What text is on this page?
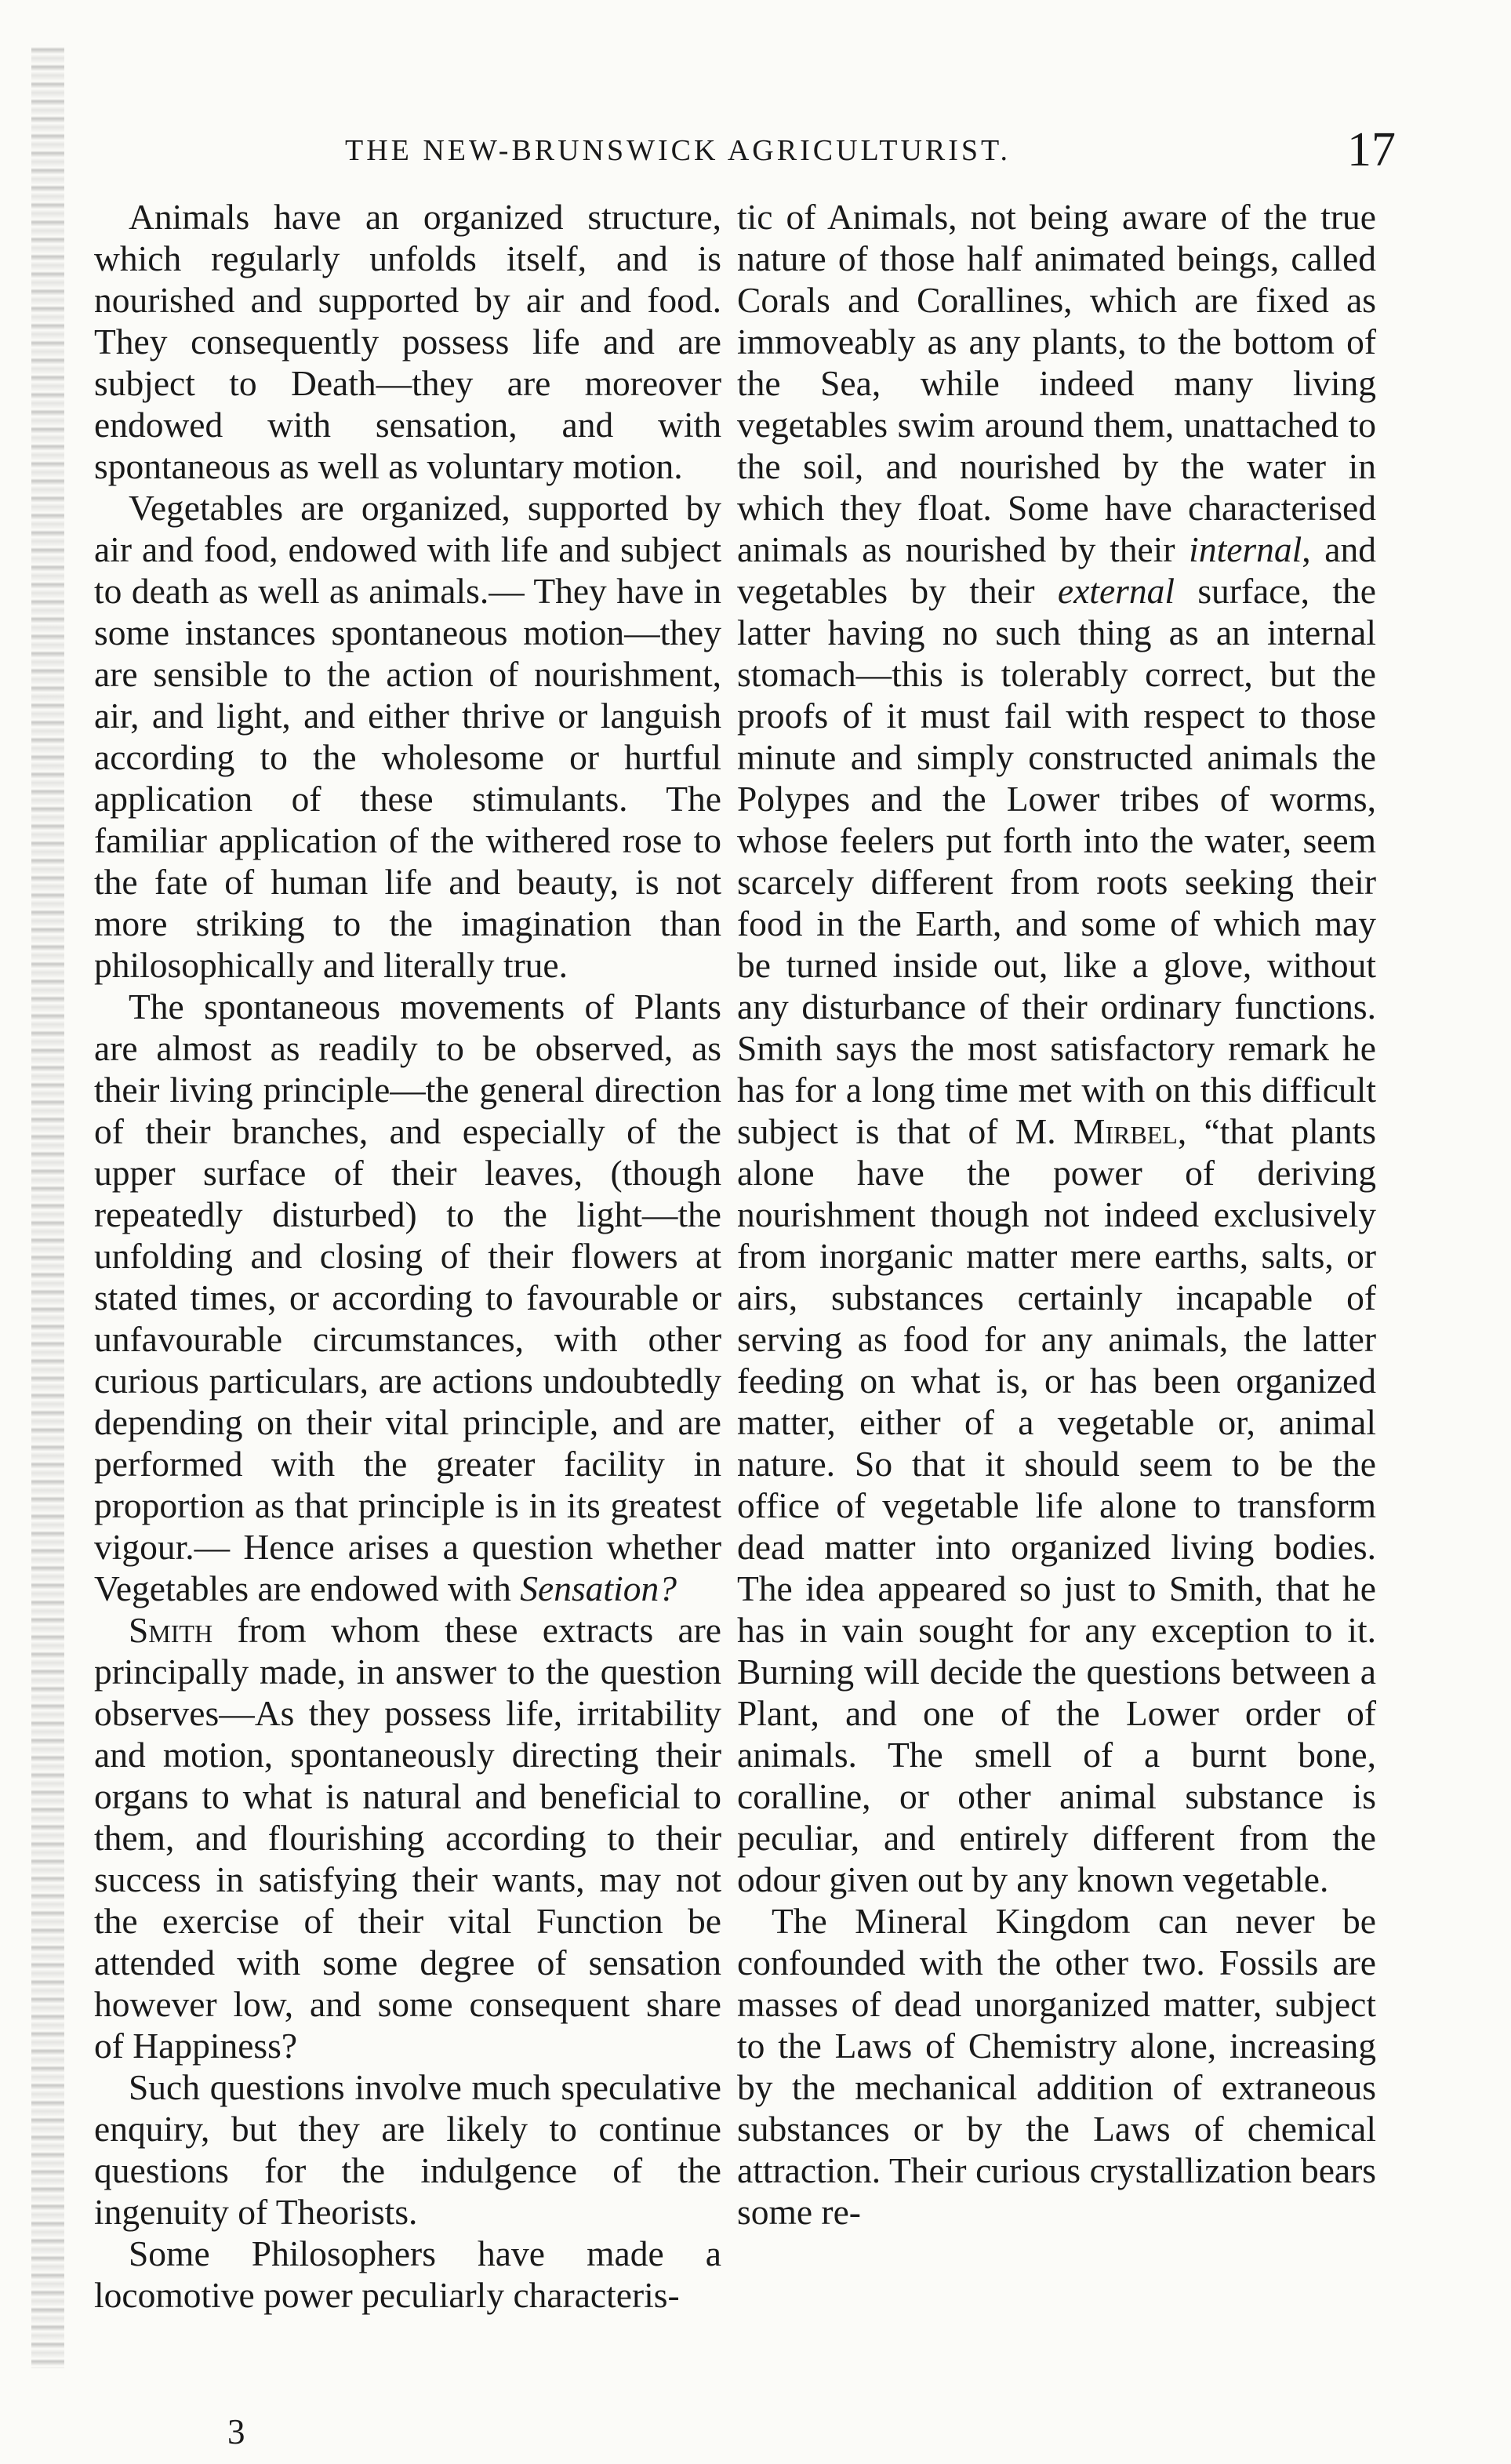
THE NEW-BRUNSWICK AGRICULTURIST.	17

Animals have an organized structure, which regularly unfolds itself, and is nourished and supported by air and food. They consequently possess life and are subject to Death—they are moreover endowed with sensation, and with spontaneous as well as voluntary motion.

Vegetables are organized, supported by air and food, endowed with life and subject to death as well as animals.— They have in some instances spontaneous motion—they are sensible to the action of nourishment, air, and light, and either thrive or languish according to the wholesome or hurtful application of these stimulants. The familiar application of the withered rose to the fate of human life and beauty, is not more striking to the imagination than philosophically and literally true.

The spontaneous movements of Plants are almost as readily to be observed, as their living principle—the general direction of their branches, and especially of the upper surface of their leaves, (though repeatedly disturbed) to the light—the unfolding and closing of their flowers at stated times, or according to favourable or unfavourable circumstances, with other curious particulars, are actions undoubtedly depending on their vital principle, and are performed with the greater facility in proportion as that principle is in its greatest vigour.— Hence arises a question whether Vegetables are endowed with Sensation?

Smith from whom these extracts are principally made, in answer to the question observes—As they possess life, irritability and motion, spontaneously directing their organs to what is natural and beneficial to them, and flourishing according to their success in satisfying their wants, may not the exercise of their vital Function be attended with some degree of sensation however low, and some consequent share of Happiness?

Such questions involve much speculative enquiry, but they are likely to continue questions for the indulgence of the ingenuity of Theorists.

Some Philosophers have made a locomotive power peculiarly characteris-

tic of Animals, not being aware of the true nature of those half animated beings, called Corals and Corallines, which are fixed as immoveably as any plants, to the bottom of the Sea, while indeed many living vegetables swim around them, unattached to the soil, and nourished by the water in which they float. Some have characterised animals as nourished by their internal, and vegetables by their external surface, the latter having no such thing as an internal stomach—this is tolerably correct, but the proofs of it must fail with respect to those minute and simply constructed animals the Polypes and the Lower tribes of worms, whose feelers put forth into the water, seem scarcely different from roots seeking their food in the Earth, and some of which may be turned inside out, like a glove, without any disturbance of their ordinary functions. Smith says the most satisfactory remark he has for a long time met with on this difficult subject is that of M. Mirbel, “that plants alone have the power of deriving nourishment though not indeed exclusively from inorganic matter mere earths, salts, or airs, substances certainly incapable of serving as food for any animals, the latter feeding on what is, or has been organized matter, either of a vegetable or, animal nature. So that it should seem to be the office of vegetable life alone to transform dead matter into organized living bodies. The idea appeared so just to Smith, that he has in vain sought for any exception to it. Burning will decide the questions between a Plant, and one of the Lower order of animals. The smell of a burnt bone, coralline, or other animal substance is peculiar, and entirely different from the odour given out by any known vegetable.

The Mineral Kingdom can never be confounded with the other two. Fossils are masses of dead unorganized matter, subject to the Laws of Chemistry alone, increasing by the mechanical addition of extraneous substances or by the Laws of chemical attraction. Their curious crystallization bears some re-

3
